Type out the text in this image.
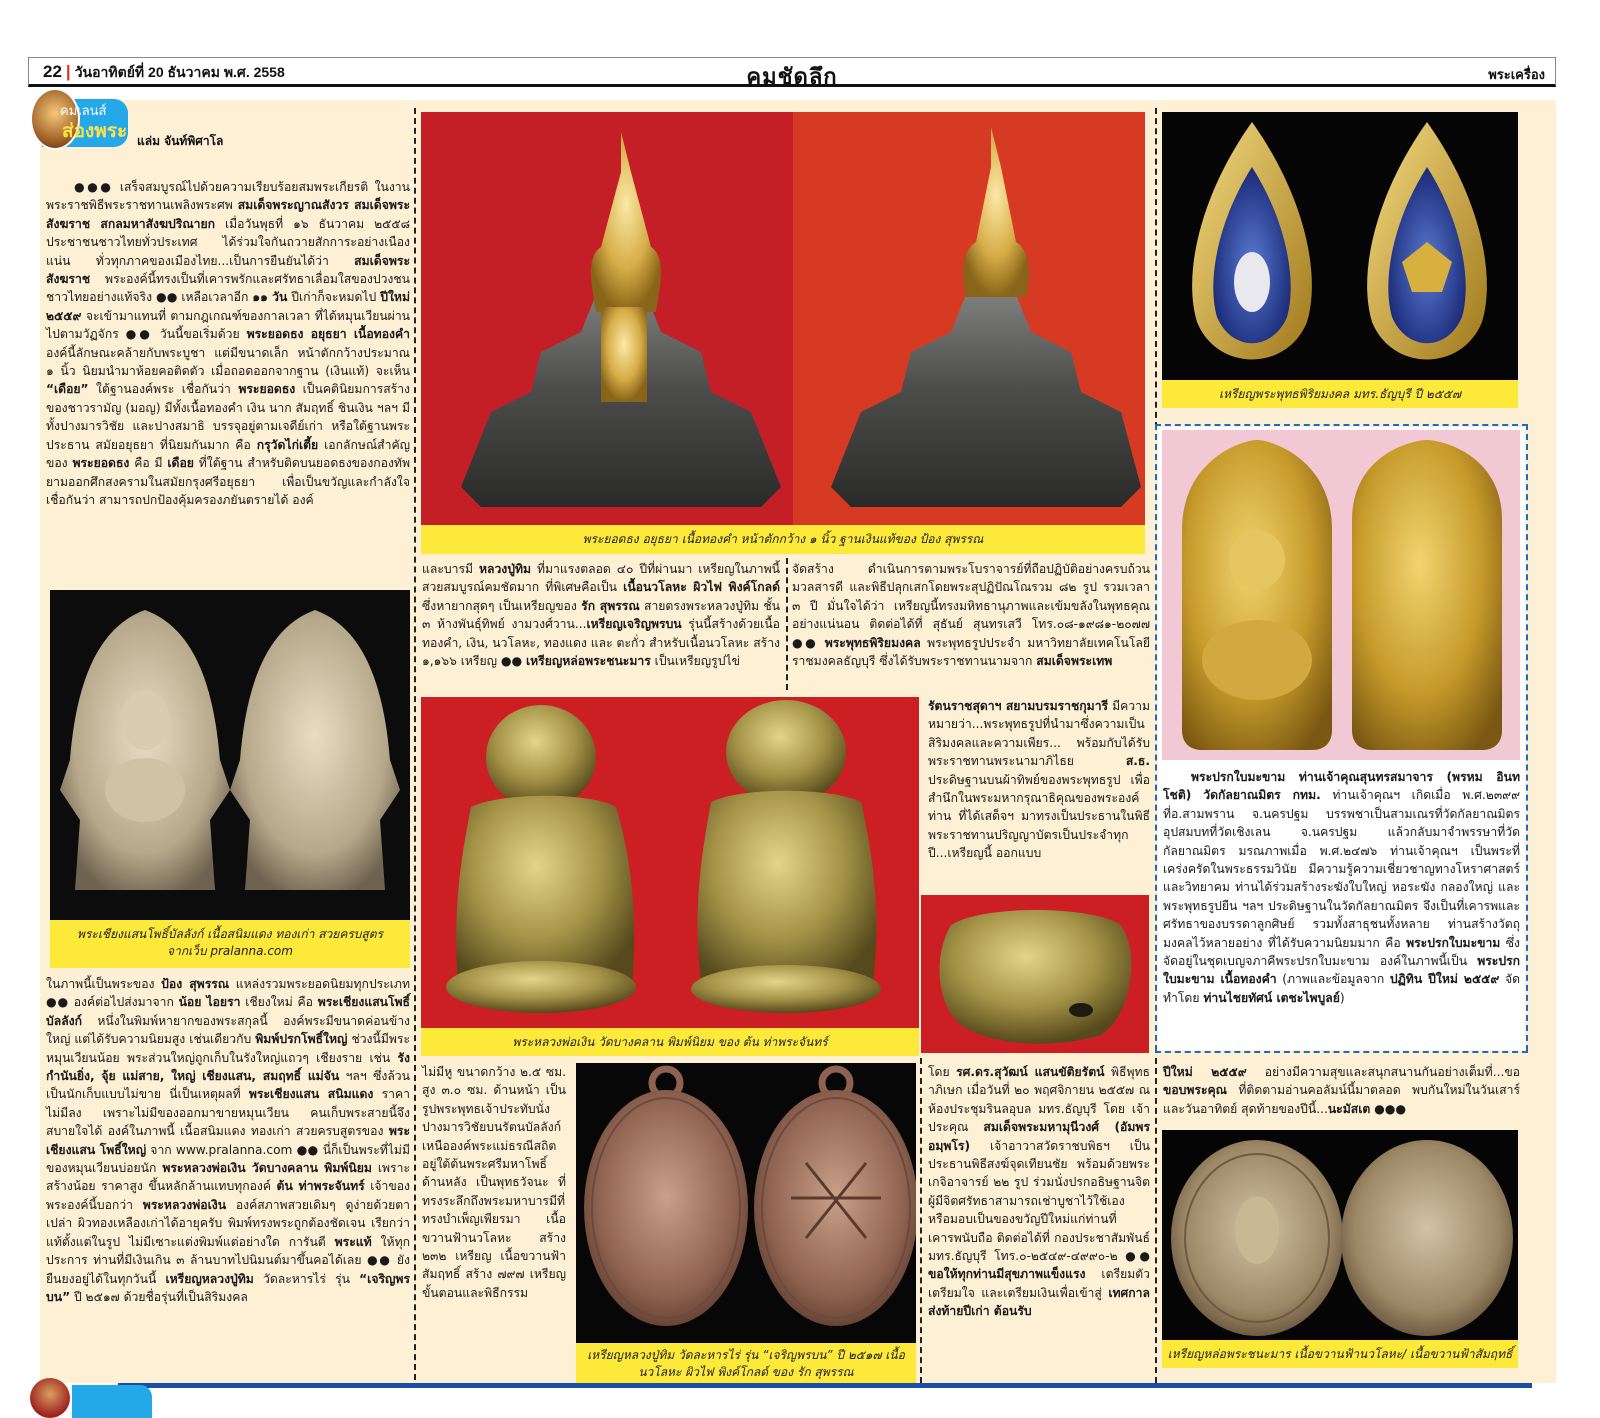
22 | วันอาทิตย์ที่ 20 ธันวาคม พ.ศ. 2558	คมชัดลึก	พระเครื่อง
คมเลนส์
ส่องพระ แล่ม จันท์พิศาโล
●●● เสร็จสมบูรณ์ไปด้วยความเรียบร้อยสมพระเกียรติ ในงานพระราชพิธีพระราชทานเพลิงพระศพ สมเด็จพระญาณสังวร สมเด็จพระสังฆราช สกลมหาสังฆปริณายก เมื่อวันพุธที่ ๑๖ ธันวาคม ๒๕๕๘ ประชาชนชาวไทยทั่วประเทศ ได้ร่วมใจกันถวายสักการะอย่างเนืองแน่น ทั่วทุกภาคของเมืองไทย...เป็นการยืนยันได้ว่า สมเด็จพระสังฆราช พระองค์นี้ทรงเป็นที่เคารพรักและศรัทธาเลื่อมใสของปวงชนชาวไทยอย่างแท้จริง ●● เหลือเวลาอีก ๑๑ วัน ปีเก่าก็จะหมดไป ปีใหม่ ๒๕๕๙ จะเข้ามาแทนที่ ตามกฎเกณฑ์ของกาลเวลา ที่ได้หมุนเวียนผ่านไปตามวัฏจักร ●● วันนี้ขอเริ่มด้วย พระยอดธง อยุธยา เนื้อทองคำ องค์นี้ลักษณะคล้ายกับพระบูชา แต่มีขนาดเล็ก หน้าตักกว้างประมาณ ๑ นิ้ว นิยมนำมาห้อยคอติดตัว เมื่อถอดออกจากฐาน (เงินแท้) จะเห็น “เดือย” ใต้ฐานองค์พระ เชื่อกันว่า พระยอดธง เป็นคตินิยมการสร้างของชาวรามัญ (มอญ) มีทั้งเนื้อทองคำ เงิน นาก สัมฤทธิ์ ชินเงิน ฯลฯ มีทั้งปางมารวิชัย และปางสมาธิ บรรจุอยู่ตามเจดีย์เก่า หรือใต้ฐานพระประธาน สมัยอยุธยา ที่นิยมกันมาก คือ กรุวัดไก่เตี้ย เอกลักษณ์สำคัญของ พระยอดธง คือ มี เดือย ที่ใต้ฐาน สำหรับติดบนยอดธงของกองทัพ ยามออกศึกสงครามในสมัยกรุงศรีอยุธยา เพื่อเป็นขวัญและกำลังใจ เชื่อกันว่า สามารถปกป้องคุ้มครองภยันตรายได้ องค์
พระเชียงแสนโพธิ์บัลลังก์ เนื้อสนิมแดง ทองเก่า สวยครบสูตร
จากเว็บ pralanna.com
ในภาพนี้เป็นพระของ ป้อง สุพรรณ แหล่งรวมพระยอดนิยมทุกประเภท ●● องค์ต่อไปส่งมาจาก น้อย ไอยรา เชียงใหม่ คือ พระเชียงแสนโพธิ์บัลลังก์ หนึ่งในพิมพ์หายากของพระสกุลนี้ องค์พระมีขนาดค่อนข้างใหญ่ แต่ได้รับความนิยมสูง เช่นเดียวกับ พิมพ์ปรกโพธิ์ใหญ่ ช่วงนี้มีพระหมุนเวียนน้อย พระส่วนใหญ่ถูกเก็บในรังใหญ่แถวๆ เชียงราย เช่น รังกำนันยิ่ง, จุ้ย แม่สาย, ใหญ่ เชียงแสน, สมฤทธิ์ แม่จัน ฯลฯ ซึ่งล้วนเป็นนักเก็บแบบไม่ขาย นี่เป็นเหตุผลที่ พระเชียงแสน สนิมแดง ราคาไม่มีลง เพราะไม่มีของออกมาขายหมุนเวียน คนเก็บพระสายนี้จึงสบายใจได้ องค์ในภาพนี้ เนื้อสนิมแดง ทองเก่า สวยครบสูตรของ พระเชียงแสน โพธิ์ใหญ่ จาก www.pralanna.com ●● นี่ก็เป็นพระที่ไม่มีของหมุนเวียนบ่อยนัก พระหลวงพ่อเงิน วัดบางคลาน พิมพ์นิยม เพราะสร้างน้อย ราคาสูง ขึ้นหลักล้านแทบทุกองค์ ต้น ท่าพระจันทร์ เจ้าของพระองค์นี้บอกว่า พระหลวงพ่อเงิน องค์สภาพสวยเดิมๆ ดูง่ายด้วยตาเปล่า ผิวทองเหลืองเก่าได้อายุครับ พิมพ์ทรงพระถูกต้องชัดเจน เรียกว่าแท้ตั้งแต่ในรูป ไม่มีเซาะแต่งพิมพ์แต่อย่างใด การันตี พระแท้ ให้ทุกประการ ท่านที่มีเงินเกิน ๓ ล้านบาทไปนิมนต์มาขึ้นคอได้เลย ●● ยังยืนยงอยู่ได้ในทุกวันนี้ เหรียญหลวงปู่ทิม วัดละหารไร่ รุ่น “เจริญพรบน” ปี ๒๕๑๗ ด้วยชื่อรุ่นที่เป็นสิริมงคล
พระยอดธง อยุธยา เนื้อทองคำ หน้าตักกว้าง ๑ นิ้ว ฐานเงินแท้ของ ป้อง สุพรรณ
และบารมี หลวงปู่ทิม ที่มาแรงตลอด ๔๐ ปีที่ผ่านมา เหรียญในภาพนี้สวยสมบูรณ์คมชัดมาก ที่พิเศษคือเป็น เนื้อนวโลหะ ผิวไฟ พิงค์โกลด์ ซึ่งหายากสุดๆ เป็นเหรียญของ รัก สุพรรณ สายตรงพระหลวงปู่ทิม ชั้น ๓ ห้างพันธุ์ทิพย์ งามวงศ์วาน...เหรียญเจริญพรบน รุ่นนี้สร้างด้วยเนื้อทองคำ, เงิน, นวโลหะ, ทองแดง และ ตะกั่ว สำหรับเนื้อนวโลหะ สร้าง ๑,๑๖๖ เหรียญ ●● เหรียญหล่อพระชนะมาร เป็นเหรียญรูปไข่
จัดสร้าง ดำเนินการตามพระโบราจารย์ที่ถือปฏิบัติอย่างครบถ้วน มวลสารดี และพิธีปลุกเสกโดยพระสุปฏิปัณโณรวม ๘๒ รูป รวมเวลา ๓ ปี มั่นใจได้ว่า เหรียญนี้ทรงมหิทธานุภาพและเข้มขลังในพุทธคุณอย่างแน่นอน ติดต่อได้ที่ สุธันย์ สุนทรเสวี โทร.๐๘-๑๙๘๑-๒๐๗๗ ●● พระพุทธพิริยมงคล พระพุทธรูปประจำ มหาวิทยาลัยเทคโนโลยีราชมงคลธัญบุรี ซึ่งได้รับพระราชทานนามจาก สมเด็จพระเทพ
พระหลวงพ่อเงิน วัดบางคลาน พิมพ์นิยม ของ ต้น ท่าพระจันทร์
รัตนราชสุดาฯ สยามบรมราชกุมารี มีความหมายว่า...พระพุทธรูปที่นำมาซึ่งความเป็นสิริมงคลและความเพียร... พร้อมกับได้รับพระราชทานพระนามาภิไธย ส.ธ. ประดิษฐานบนผ้าทิพย์ของพระพุทธรูป เพื่อสำนึกในพระมหากรุณาธิคุณของพระองค์ท่าน ที่ได้เสด็จฯ มาทรงเป็นประธานในพิธีพระราชทานปริญญาบัตรเป็นประจำทุกปี...เหรียญนี้ ออกแบบ
ไม่มีหู ขนาดกว้าง ๒.๕ ซม. สูง ๓.๐ ซม. ด้านหน้า เป็นรูปพระพุทธเจ้าประทับนั่งปางมารวิชัยบนรัตนบัลลังก์ เหนือองค์พระแม่ธรณีสถิตอยู่ใต้ต้นพระศรีมหาโพธิ์ ด้านหลัง เป็นพุทธวัจนะ ที่ทรงระลึกถึงพระมหาบารมีที่ทรงบำเพ็ญเพียรมา เนื้อขวานฟ้านวโลหะ สร้าง ๒๓๒ เหรียญ เนื้อขวานฟ้าสัมฤทธิ์ สร้าง ๗๙๗ เหรียญ ขั้นตอนและพิธีกรรม
เหรียญหลวงปู่ทิม วัดละหารไร่ รุ่น “เจริญพรบน” ปี ๒๕๑๗ เนื้อ
นวโลหะ ผิวไฟ พิงค์โกลด์ ของ รัก สุพรรณ
โดย รศ.ดร.สุวัฒน์ แสนขัติยรัตน์ พิธีพุทธาภิเษก เมื่อวันที่ ๒๐ พฤศจิกายน ๒๕๕๗ ณ ห้องประชุมรินลอุบล มทร.ธัญบุรี โดย เจ้าประคุณ สมเด็จพระมหามุนีวงศ์ (อัมพร อมฺพโร) เจ้าอาวาสวัดราชบพิธฯ เป็นประธานพิธีสงฆ์จุดเทียนชัย พร้อมด้วยพระเกจิอาจารย์ ๒๒ รูป ร่วมนั่งปรกอธิษฐานจิต ผู้มีจิตศรัทธาสามารถเช่าบูชาไว้ใช้เอง หรือมอบเป็นของขวัญปีใหม่แก่ท่านที่เคารพนับถือ ติดต่อได้ที่ กองประชาสัมพันธ์ มทร.ธัญบุรี โทร.๐-๒๕๔๙-๔๙๙๐-๒ ●● ขอให้ทุกท่านมีสุขภาพแข็งแรง เตรียมตัว เตรียมใจ และเตรียมเงินเพื่อเข้าสู่ เทศกาลส่งท้ายปีเก่า ต้อนรับ
เหรียญพระพุทธพิริยมงคล มทร.ธัญบุรี ปี ๒๕๕๗
พระปรกใบมะขาม ท่านเจ้าคุณสุนทรสมาจาร (พรหม อินทโชติ) วัดกัลยาณมิตร กทม. ท่านเจ้าคุณฯ เกิดเมื่อ พ.ศ.๒๓๙๙ ที่อ.สามพราน จ.นครปฐม บรรพชาเป็นสามเณรที่วัดกัลยาณมิตร อุปสมบทที่วัดเชิงเลน จ.นครปฐม แล้วกลับมาจำพรรษาที่วัดกัลยาณมิตร มรณภาพเมื่อ พ.ศ.๒๔๗๖ ท่านเจ้าคุณฯ เป็นพระที่เคร่งครัดในพระธรรมวินัย มีความรู้ความเชี่ยวชาญทางโหราศาสตร์ และวิทยาคม ท่านได้ร่วมสร้างระฆังใบใหญ่ หอระฆัง กลองใหญ่ และพระพุทธรูปยืน ฯลฯ ประดิษฐานในวัดกัลยาณมิตร จึงเป็นที่เคารพและศรัทธาของบรรดาลูกศิษย์ รวมทั้งสาธุชนทั้งหลาย ท่านสร้างวัตถุมงคลไว้หลายอย่าง ที่ได้รับความนิยมมาก คือ พระปรกใบมะขาม ซึ่งจัดอยู่ในชุดเบญจภาคีพระปรกใบมะขาม องค์ในภาพนี้เป็น พระปรกใบมะขาม เนื้อทองคำ (ภาพและข้อมูลจาก ปฏิทิน ปีใหม่ ๒๕๕๙ จัดทำโดย ท่านไชยทัศน์ เตชะไพบูลย์)
ปีใหม่ ๒๕๕๙ อย่างมีความสุขและสนุกสนานกันอย่างเต็มที่...ขอขอบพระคุณ ที่ติดตามอ่านคอลัมน์นี้มาตลอด พบกันใหม่ในวันเสาร์และวันอาทิตย์ สุดท้ายของปีนี้...นะมัสเต ●●●
เหรียญหล่อพระชนะมาร เนื้อขวานฟ้านวโลหะ/ เนื้อขวานฟ้าสัมฤทธิ์
